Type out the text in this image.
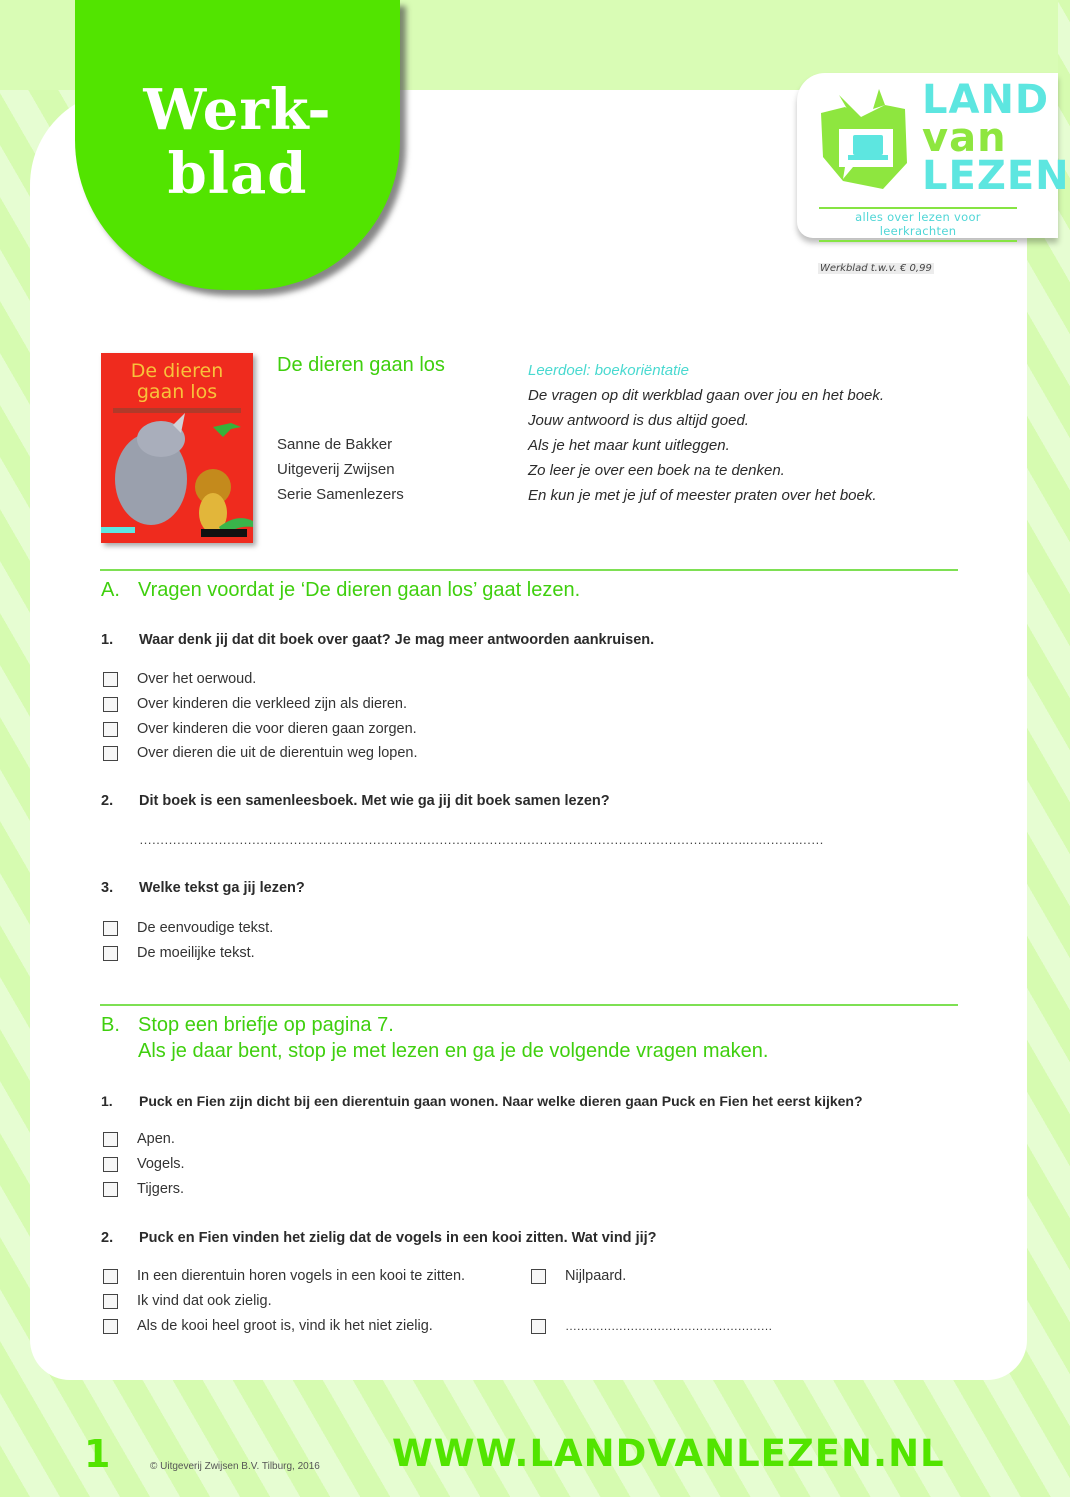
Werk-
blad
LAND
van
LEZEN
alles over lezen voor leerkrachten
Werkblad t.w.v. € 0,99
De dieren
gaan los
De dieren gaan los
Sanne de Bakker
Uitgeverij Zwijsen
Serie Samenlezers
Leerdoel: boekoriëntatie
De vragen op dit werkblad gaan over jou en het boek.
Jouw antwoord is dus altijd goed.
Als je het maar kunt uitleggen.
Zo leer je over een boek na te denken.
En kun je met je juf of meester praten over het boek.
A. Vragen voordat je ‘De dieren gaan los’ gaat lezen.
1. Waar denk jij dat dit boek over gaat? Je mag meer antwoorden aankruisen.
Over het oerwoud.
Over kinderen die verkleed zijn als dieren.
Over kinderen die voor dieren gaan zorgen.
Over dieren die uit de dierentuin weg lopen.
2. Dit boek is een samenleesboek. Met wie ga jij dit boek samen lezen?
………………………………………………………………………………………………………………………….…….………….……
3. Welke tekst ga jij lezen?
De eenvoudige tekst.
De moeilijke tekst.
B. Stop een briefje op pagina 7.
Als je daar bent, stop je met lezen en ga je de volgende vragen maken.
1. Puck en Fien zijn dicht bij een dierentuin gaan wonen. Naar welke dieren gaan Puck en Fien het eerst kijken?
Apen.
Vogels.
Tijgers.
2. Puck en Fien vinden het zielig dat de vogels in een kooi zitten. Wat vind jij?
In een dierentuin horen vogels in een kooi te zitten.
Ik vind dat ook zielig.
Als de kooi heel groot is, vind ik het niet zielig.
Nijlpaard.
………………………………………………
1	© Uitgeverij Zwijsen B.V. Tilburg, 2016 WWW.LANDVANLEZEN.NL
